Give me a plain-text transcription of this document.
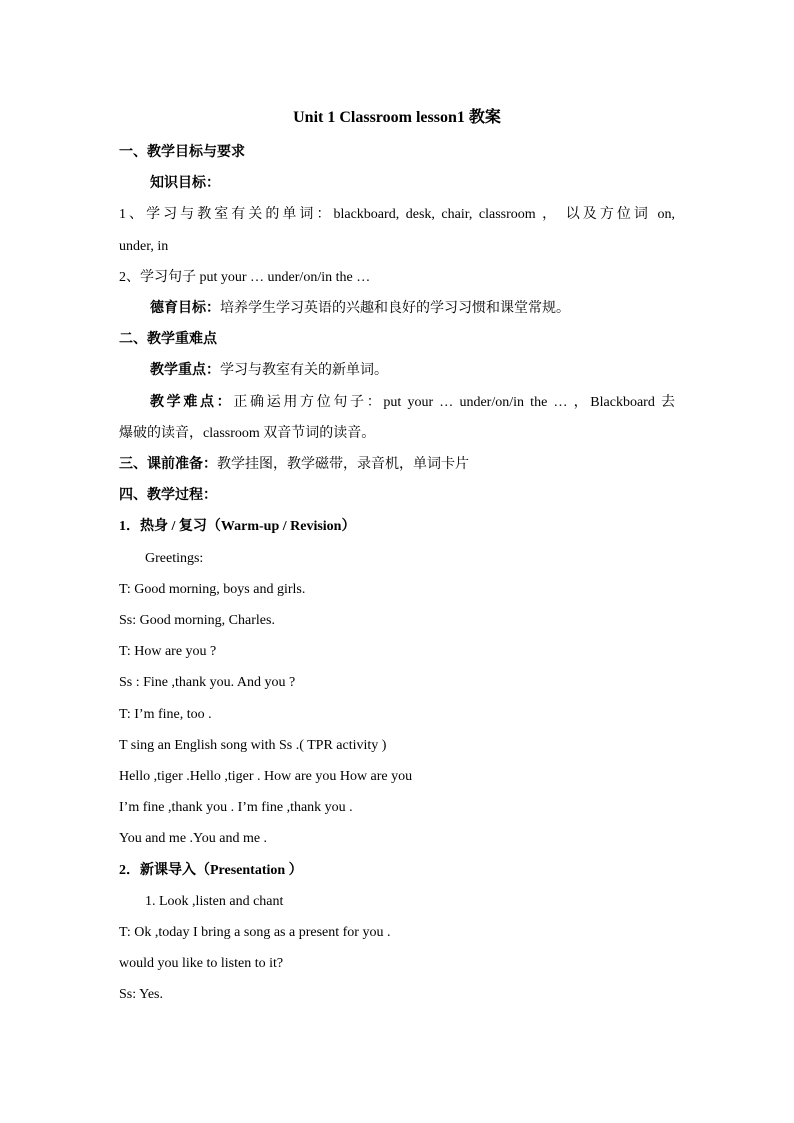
Unit 1 Classroom lesson1 教案
一、教学目标与要求
知识目标：
1、学习与教室有关的单词：blackboard, desk, chair, classroom ， 以及方位词 on,
under, in
2、学习句子 put your … under/on/in the …
德育目标：培养学生学习英语的兴趣和良好的学习习惯和课堂常规。
二、教学重难点
教学重点：学习与教室有关的新单词。
教学难点：正确运用方位句子：put your … under/on/in the … ，Blackboard 去
爆破的读音，classroom 双音节词的读音。
三、课前准备：教学挂图，教学磁带，录音机，单词卡片
四、教学过程：
1．热身 / 复习（Warm-up / Revision）
Greetings:
T: Good morning, boys and girls.
Ss: Good morning, Charles.
T: How are you ?
Ss : Fine ,thank you. And you ?
T: I’m fine, too .
T sing an English song with Ss .( TPR activity )
Hello ,tiger .Hello ,tiger . How are you How are you
I’m fine ,thank you . I’m fine ,thank you .
You and me .You and me .
2．新课导入（Presentation ）
1. Look ,listen and chant
T: Ok ,today I bring a song as a present for you .
would you like to listen to it?
Ss: Yes.
